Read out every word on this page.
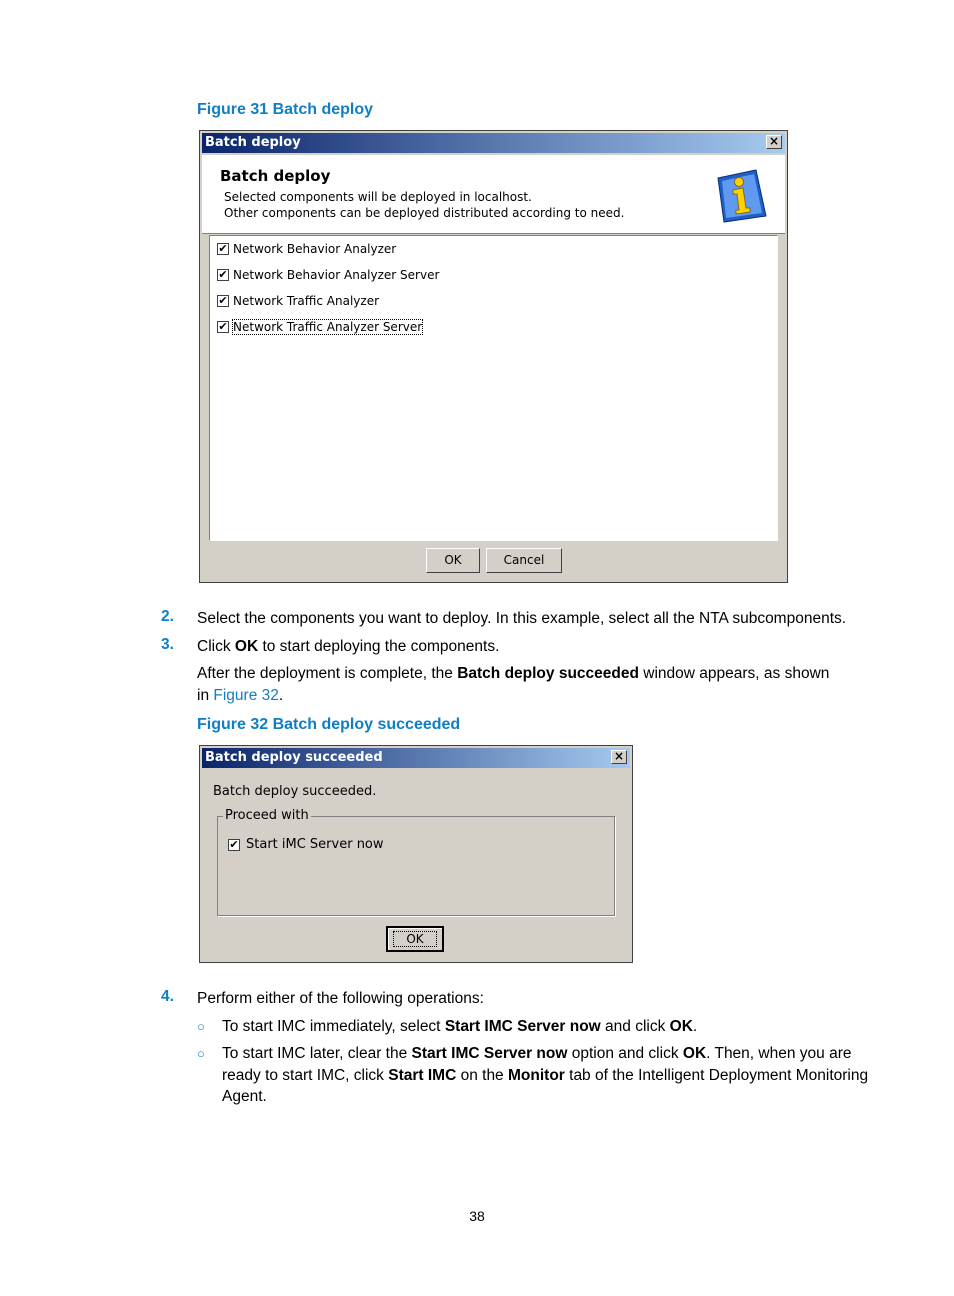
Figure 31 Batch deploy
Batch deploy	×
Batch deploy
Selected components will be deployed in localhost.
Other components can be deployed distributed according to need.
✔ Network Behavior Analyzer
✔ Network Behavior Analyzer Server
✔ Network Traffic Analyzer
✔ Network Traffic Analyzer Server
OK	Cancel
2. Select the components you want to deploy. In this example, select all the NTA subcomponents.
3. Click OK to start deploying the components.
After the deployment is complete, the Batch deploy succeeded window appears, as shown
in Figure 32.
Figure 32 Batch deploy succeeded
Batch deploy succeeded	×
Batch deploy succeeded.
Proceed with
✔ Start iMC Server now
OK
4. Perform either of the following operations:
○ To start IMC immediately, select Start IMC Server now and click OK.
○ To start IMC later, clear the Start IMC Server now option and click OK. Then, when you are
ready to start IMC, click Start IMC on the Monitor tab of the Intelligent Deployment Monitoring
Agent.
38
